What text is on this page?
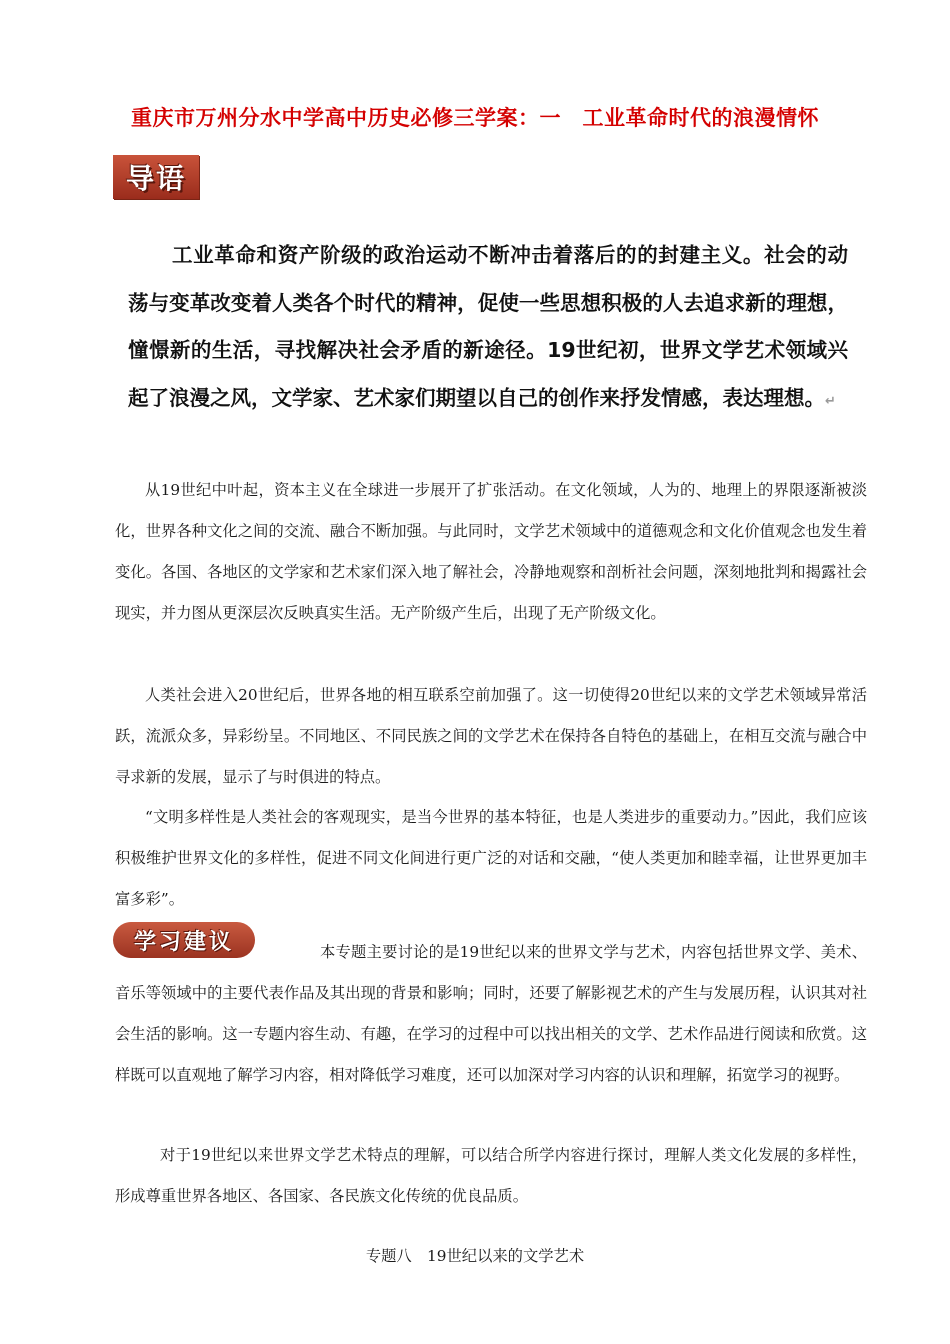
重庆市万州分水中学高中历史必修三学案：一　工业革命时代的浪漫情怀
导语
工业革命和资产阶级的政治运动不断冲击着落后的的封建主义。社会的动荡与变革改变着人类各个时代的精神，促使一些思想积极的人去追求新的理想，憧憬新的生活，寻找解决社会矛盾的新途径。19世纪初，世界文学艺术领域兴起了浪漫之风，文学家、艺术家们期望以自己的创作来抒发情感，表达理想。↵
从19世纪中叶起，资本主义在全球进一步展开了扩张活动。在文化领域，人为的、地理上的界限逐渐被淡化，世界各种文化之间的交流、融合不断加强。与此同时，文学艺术领域中的道德观念和文化价值观念也发生着变化。各国、各地区的文学家和艺术家们深入地了解社会，冷静地观察和剖析社会问题，深刻地批判和揭露社会现实，并力图从更深层次反映真实生活。无产阶级产生后，出现了无产阶级文化。
人类社会进入20世纪后，世界各地的相互联系空前加强了。这一切使得20世纪以来的文学艺术领域异常活跃，流派众多，异彩纷呈。不同地区、不同民族之间的文学艺术在保持各自特色的基础上，在相互交流与融合中寻求新的发展，显示了与时俱进的特点。
“文明多样性是人类社会的客观现实，是当今世界的基本特征，也是人类进步的重要动力。”因此，我们应该积极维护世界文化的多样性，促进不同文化间进行更广泛的对话和交融，“使人类更加和睦幸福，让世界更加丰富多彩”。
学习建议	本专题主要讨论的是19世纪以来的世界文学与艺术，内容包括世界文学、美术、音乐等领域中的主要代表作品及其出现的背景和影响；同时，还要了解影视艺术的产生与发展历程，认识其对社会生活的影响。这一专题内容生动、有趣，在学习的过程中可以找出相关的文学、艺术作品进行阅读和欣赏。这样既可以直观地了解学习内容，相对降低学习难度，还可以加深对学习内容的认识和理解，拓宽学习的视野。
对于19世纪以来世界文学艺术特点的理解，可以结合所学内容进行探讨，理解人类文化发展的多样性，形成尊重世界各地区、各国家、各民族文化传统的优良品质。
专题八　19世纪以来的文学艺术
